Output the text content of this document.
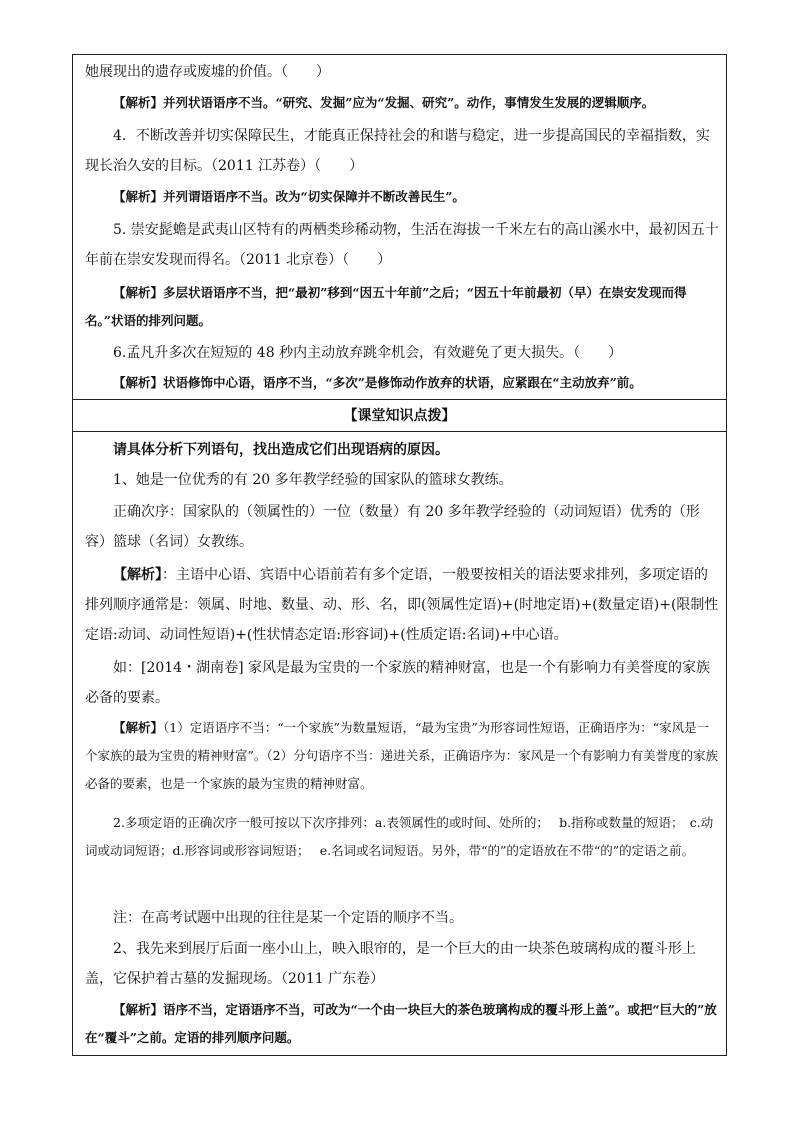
她展现出的遗存或废墟的价值。（　　）

【解析】并列状语语序不当。“研究、发掘”应为“发掘、研究”。动作，事情发生发展的逻辑顺序。

4．不断改善并切实保障民生，才能真正保持社会的和谐与稳定，进一步提高国民的幸福指数，实现长治久安的目标。（2011 江苏卷）（　　）

【解析】并列谓语语序不当。改为“切实保障并不断改善民生”。

5. 崇安髭蟾是武夷山区特有的两栖类珍稀动物，生活在海拔一千米左右的高山溪水中，最初因五十年前在崇安发现而得名。（2011 北京卷）（　　）

【解析】多层状语语序不当，把“最初”移到“因五十年前”之后；“因五十年前最初（早）在崇安发现而得名。”状语的排列问题。

6.孟凡升多次在短短的 48 秒内主动放弃跳伞机会，有效避免了更大损失。（　　）

【解析】状语修饰中心语，语序不当，“多次”是修饰动作放弃的状语，应紧跟在“主动放弃”前。

【课堂知识点拨】

请具体分析下列语句，找出造成它们出现语病的原因。

1、她是一位优秀的有 20 多年教学经验的国家队的篮球女教练。

正确次序：国家队的（领属性的）一位（数量）有 20 多年教学经验的（动词短语）优秀的（形容）篮球（名词）女教练。

【解析】：主语中心语、宾语中心语前若有多个定语，一般要按相关的语法要求排列，多项定语的排列顺序通常是：领属、时地、数量、动、形、名，即(领属性定语)+(时地定语)+(数量定语)+(限制性定语:动词、动词性短语)+(性状情态定语:形容词)+(性质定语:名词)+中心语。

如：[2014・湖南卷] 家风是最为宝贵的一个家族的精神财富，也是一个有影响力有美誉度的家族必备的要素。

【解析】（1）定语语序不当：“一个家族”为数量短语，“最为宝贵”为形容词性短语，正确语序为：“家风是一个家族的最为宝贵的精神财富”。（2）分句语序不当：递进关系，正确语序为：家风是一个有影响力有美誉度的家族必备的要素，也是一个家族的最为宝贵的精神财富。

2.多项定语的正确次序一般可按以下次序排列：a.表领属性的或时间、处所的；　 b.指称或数量的短语；　c.动词或动词短语；d.形容词或形容词短语；　 e.名词或名词短语。另外，带“的”的定语放在不带“的”的定语之前。

注：在高考试题中出现的往往是某一个定语的顺序不当。

2、我先来到展厅后面一座小山上，映入眼帘的，是一个巨大的由一块茶色玻璃构成的覆斗形上盖，它保护着古墓的发掘现场。（2011 广东卷）

【解析】语序不当，定语语序不当，可改为“一个由一块巨大的茶色玻璃构成的覆斗形上盖”。或把“巨大的”放在“覆斗”之前。定语的排列顺序问题。
